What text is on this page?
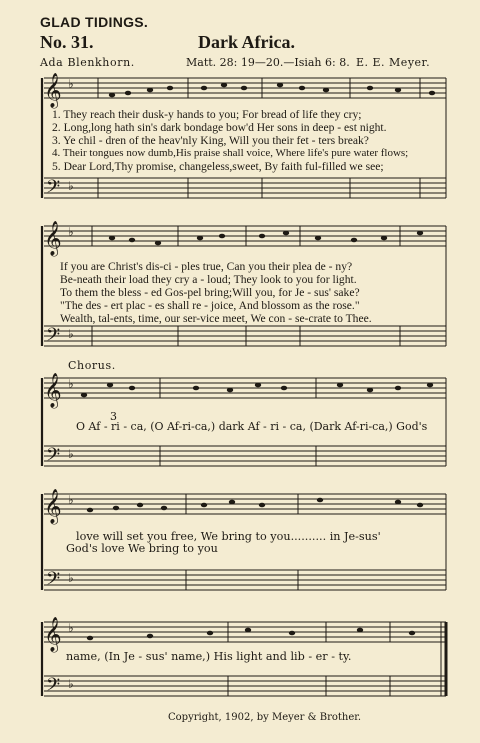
GLAD TIDINGS.
No. 31.	Dark Africa.
Ada Blenkhorn.	Matt. 28: 19—20.—Isiah 6: 8. E. E. Meyer.
𝄞
𝄢
𝄞
𝄢
𝄞
𝄢
𝄞
𝄢
𝄞
𝄢
♭
♭
♭
♭
♭
♭
♭
♭
♭
♭
1. They reach their dusk-y hands to you; For bread of life they cry;
2. Long,long hath sin's dark bondage bow'd Her sons in deep - est night.
3. Ye chil - dren of the heav'nly King, Will you their fet - ters break?
4. Their tongues now dumb,His praise shall voice, Where life's pure water flows;
5. Dear Lord,Thy promise, changeless,sweet, By faith ful-filled we see;
If you are Christ's dis-ci - ples true, Can you their plea de - ny?
Be-neath their load they cry a - loud; They look to you for light.
To them the bless - ed Gos-pel bring;Will you, for Je - sus' sake?
"The des - ert plac - es shall re - joice, And blossom as the rose."
Wealth, tal-ents, time, our ser-vice meet, We con - se-crate to Thee.
Chorus.
3
O Af - ri - ca, (O Af-ri-ca,) dark Af - ri - ca, (Dark Af-ri-ca,) God's
love will set you free, We bring to you.......... in Je-sus'
God's love We bring to you
name, (In Je - sus' name,) His light and lib - er - ty.
Copyright, 1902, by Meyer & Brother.
